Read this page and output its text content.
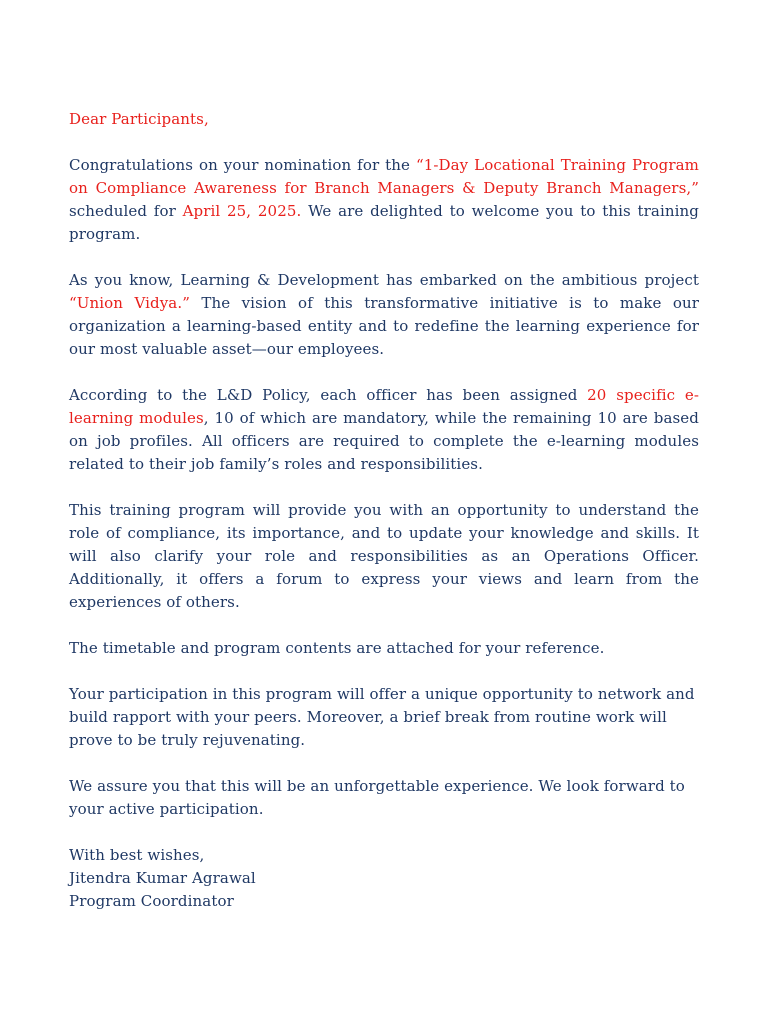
Dear Participants,

Congratulations on your nomination for the “1-Day Locational Training Program on Compliance Awareness for Branch Managers & Deputy Branch Managers,” scheduled for April 25, 2025. We are delighted to welcome you to this training program.

As you know, Learning & Development has embarked on the ambitious project “Union Vidya.” The vision of this transformative initiative is to make our organization a learning-based entity and to redefine the learning experience for our most valuable asset—our employees.

According to the L&D Policy, each officer has been assigned 20 specific e-learning modules, 10 of which are mandatory, while the remaining 10 are based on job profiles. All officers are required to complete the e-learning modules related to their job family’s roles and responsibilities.

This training program will provide you with an opportunity to understand the role of compliance, its importance, and to update your knowledge and skills. It will also clarify your role and responsibilities as an Operations Officer. Additionally, it offers a forum to express your views and learn from the experiences of others.

The timetable and program contents are attached for your reference.

Your participation in this program will offer a unique opportunity to network and build rapport with your peers. Moreover, a brief break from routine work will prove to be truly rejuvenating.

We assure you that this will be an unforgettable experience. We look forward to your active participation.

With best wishes,
Jitendra Kumar Agrawal
Program Coordinator
